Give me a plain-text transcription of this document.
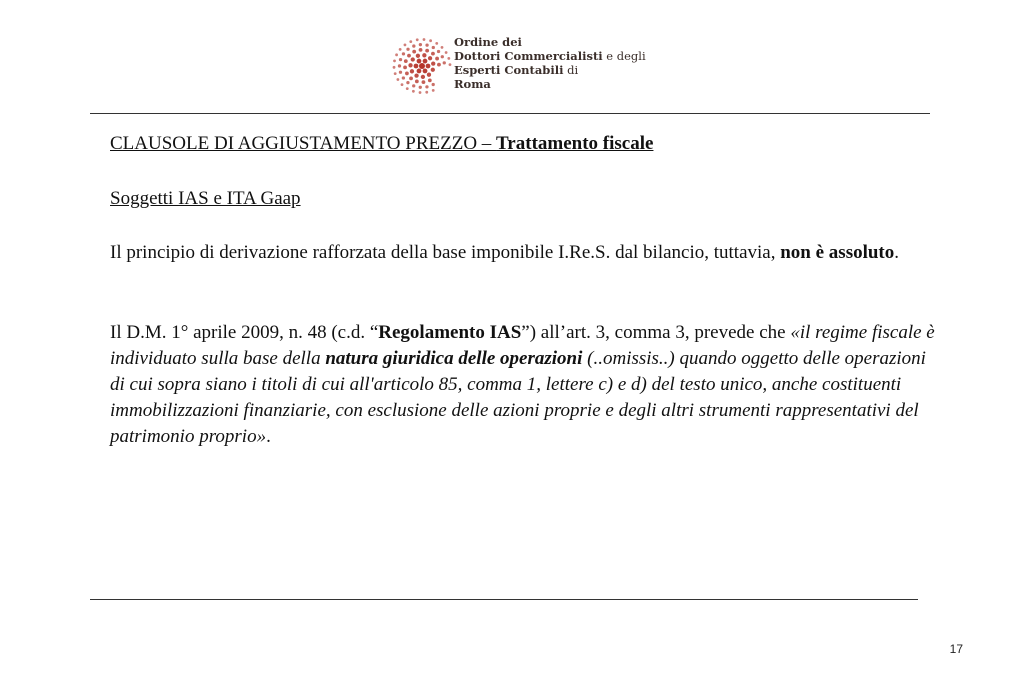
Ordine dei
Dottori Commercialisti e degli
Esperti Contabili di
Roma
CLAUSOLE DI AGGIUSTAMENTO PREZZO – Trattamento fiscale
Soggetti IAS e ITA Gaap
Il principio di derivazione rafforzata della base imponibile I.Re.S. dal bilancio, tuttavia, non è assoluto.
Il D.M. 1° aprile 2009, n. 48 (c.d. “Regolamento IAS”) all’art. 3, comma 3, prevede che «il regime fiscale è individuato sulla base della natura giuridica delle operazioni (..omissis..) quando oggetto delle operazioni di cui sopra siano i titoli di cui all'articolo 85, comma 1, lettere c) e d) del testo unico, anche costituenti immobilizzazioni finanziarie, con esclusione delle azioni proprie e degli altri strumenti rappresentativi del patrimonio proprio».
17
